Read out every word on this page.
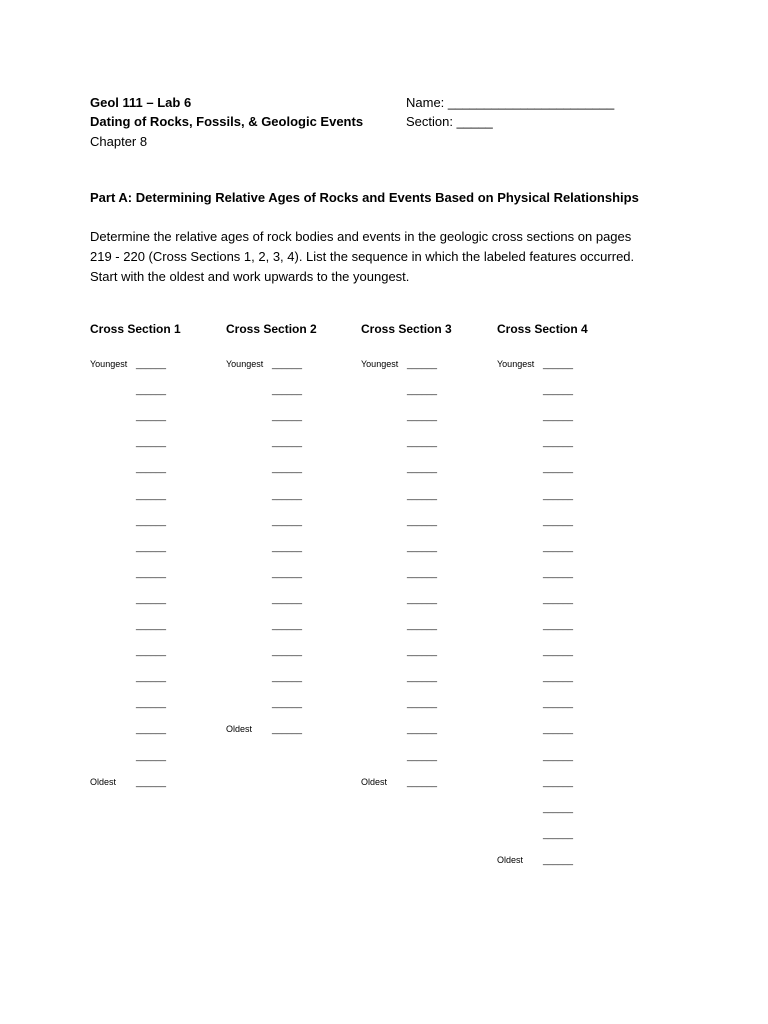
Geol 111 – Lab 6
Dating of Rocks, Fossils, & Geologic Events
Chapter 8
Name: _______________________
Section: _____
Part A: Determining Relative Ages of Rocks and Events Based on Physical Relationships
Determine the relative ages of rock bodies and events in the geologic cross sections on pages
219 - 220 (Cross Sections 1, 2, 3, 4). List the sequence in which the labeled features occurred.
Start with the oldest and work upwards to the youngest.
Cross Section 1
Youngest ______
______
______
______
______
______
______
______
______
______
______
______
______
______
______
______
Oldest ______
Cross Section 2
Youngest ______
______
______
______
______
______
______
______
______
______
______
______
______
______
Oldest ______
Cross Section 3
Youngest ______
______
______
______
______
______
______
______
______
______
______
______
______
______
______
______
Oldest ______
Cross Section 4
Youngest ______
______
______
______
______
______
______
______
______
______
______
______
______
______
______
______
______
______
______
Oldest ______
